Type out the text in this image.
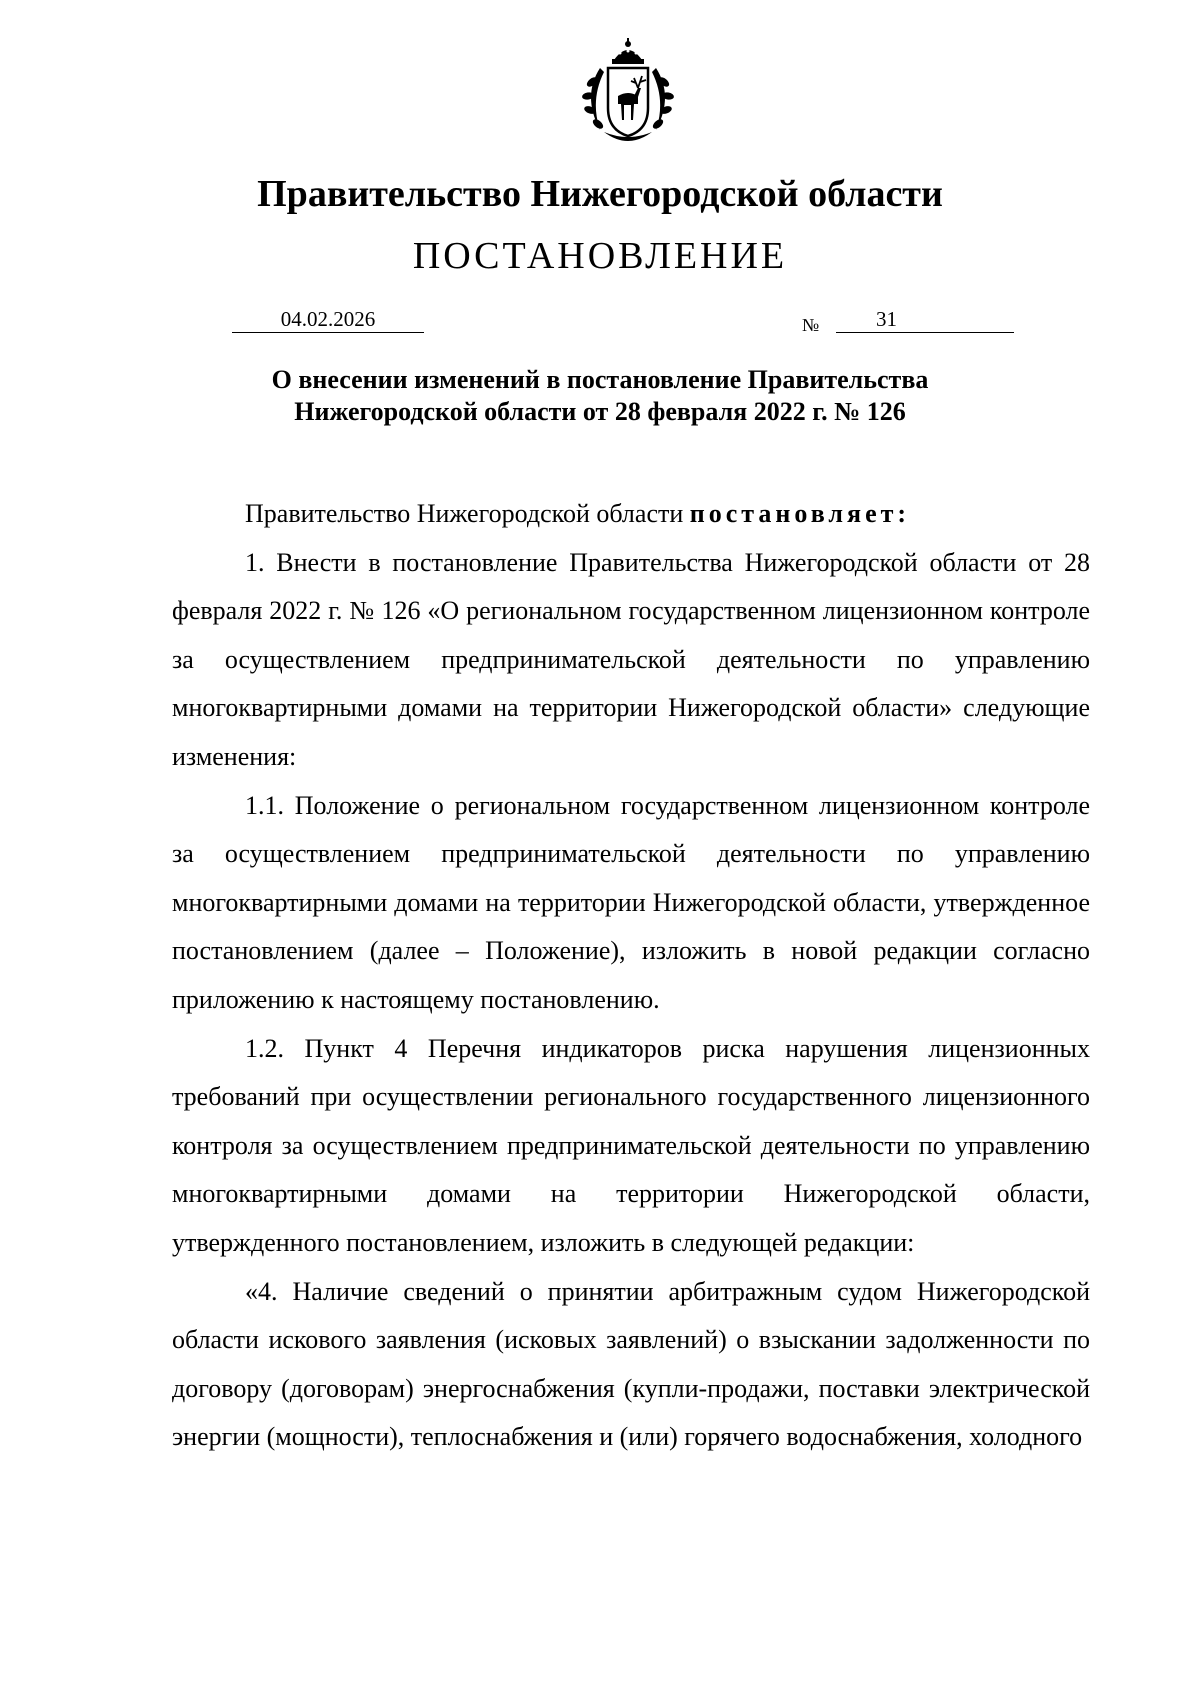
Правительство Нижегородской области
ПОСТАНОВЛЕНИЕ
04.02.2026	№	31
О внесении изменений в постановление Правительства
Нижегородской области от 28 февраля 2022 г. № 126

Правительство Нижегородской области постановляет:

1. Внести в постановление Правительства Нижегородской области от 28 февраля 2022 г. № 126 «О региональном государственном лицензионном контроле за осуществлением предпринимательской деятельности по управлению многоквартирными домами на территории Нижегородской области» следующие изменения:

1.1. Положение о региональном государственном лицензионном контроле за осуществлением предпринимательской деятельности по управлению многоквартирными домами на территории Нижегородской области, утвержденное постановлением (далее – Положение), изложить в новой редакции согласно приложению к настоящему постановлению.

1.2. Пункт 4 Перечня индикаторов риска нарушения лицензионных требований при осуществлении регионального государственного лицензионного контроля за осуществлением предпринимательской деятельности по управлению многоквартирными домами на территории Нижегородской области, утвержденного постановлением, изложить в следующей редакции:

«4. Наличие сведений о принятии арбитражным судом Нижегородской области искового заявления (исковых заявлений) о взыскании задолженности по договору (договорам) энергоснабжения (купли-продажи, поставки электрической энергии (мощности), теплоснабжения и (или) горячего водоснабжения, холодного
